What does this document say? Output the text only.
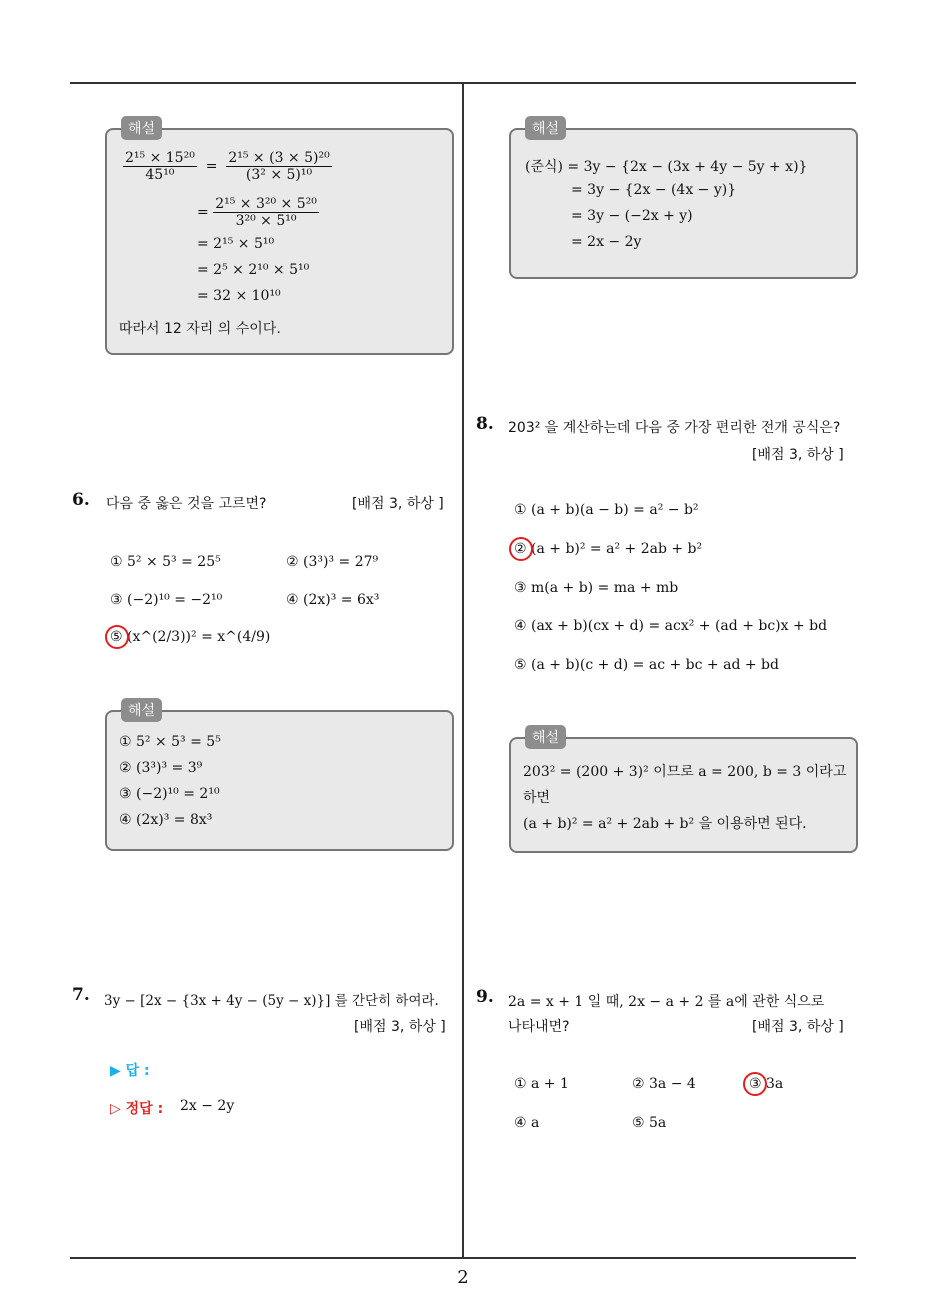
해설
$\frac{\text{2¹⁵ × 15²⁰}}{\text{45¹⁰}} = \frac{\text{2¹⁵ × (3 × 5)²⁰}}{\text{(3² × 5)¹⁰}}$
= $\frac{\text{2¹⁵ × 3²⁰ × 5²⁰}}{\text{3²⁰ × 5¹⁰}}$
= 2¹⁵ × 5¹⁰
= 2⁵ × 2¹⁰ × 5¹⁰
= 32 × 10¹⁰
따라서 12 자리 의 수이다.
6. 다음 중 옳은 것을 고르면?	[배점 3, 하상 ]
① 5² × 5³ = 25⁵	② (3³)³ = 27⁹
③ (−2)¹⁰ = −2¹⁰	④ (2x)³ = 6x³
⑤ (x^(2/3))² = x^(4/9)
해설
① 5² × 5³ = 5⁵
② (3³)³ = 3⁹
③ (−2)¹⁰ = 2¹⁰
④ (2x)³ = 8x³
7. 3y − [2x − {3x + 4y − (5y − x)}] 를 간단히 하여라.
[배점 3, 하상 ]
▶ 답 :
▷ 정답 : 2x − 2y
해설
(준식) = 3y − {2x − (3x + 4y − 5y + x)}
= 3y − {2x − (4x − y)}
= 3y − (−2x + y)
= 2x − 2y
8. 203² 을 계산하는데 다음 중 가장 편리한 전개 공식은?
[배점 3, 하상 ]
① (a + b)(a − b) = a² − b²
② (a + b)² = a² + 2ab + b²
③ m(a + b) = ma + mb
④ (ax + b)(cx + d) = acx² + (ad + bc)x + bd
⑤ (a + b)(c + d) = ac + bc + ad + bd
해설
203² = (200 + 3)² 이므로 a = 200, b = 3 이라고
하면
(a + b)² = a² + 2ab + b² 을 이용하면 된다.
9. 2a = x + 1 일 때, 2x − a + 2 를 a에 관한 식으로
나타내면?	[배점 3, 하상 ]
① a + 1	② 3a − 4	③ 3a
④ a	⑤ 5a
2
